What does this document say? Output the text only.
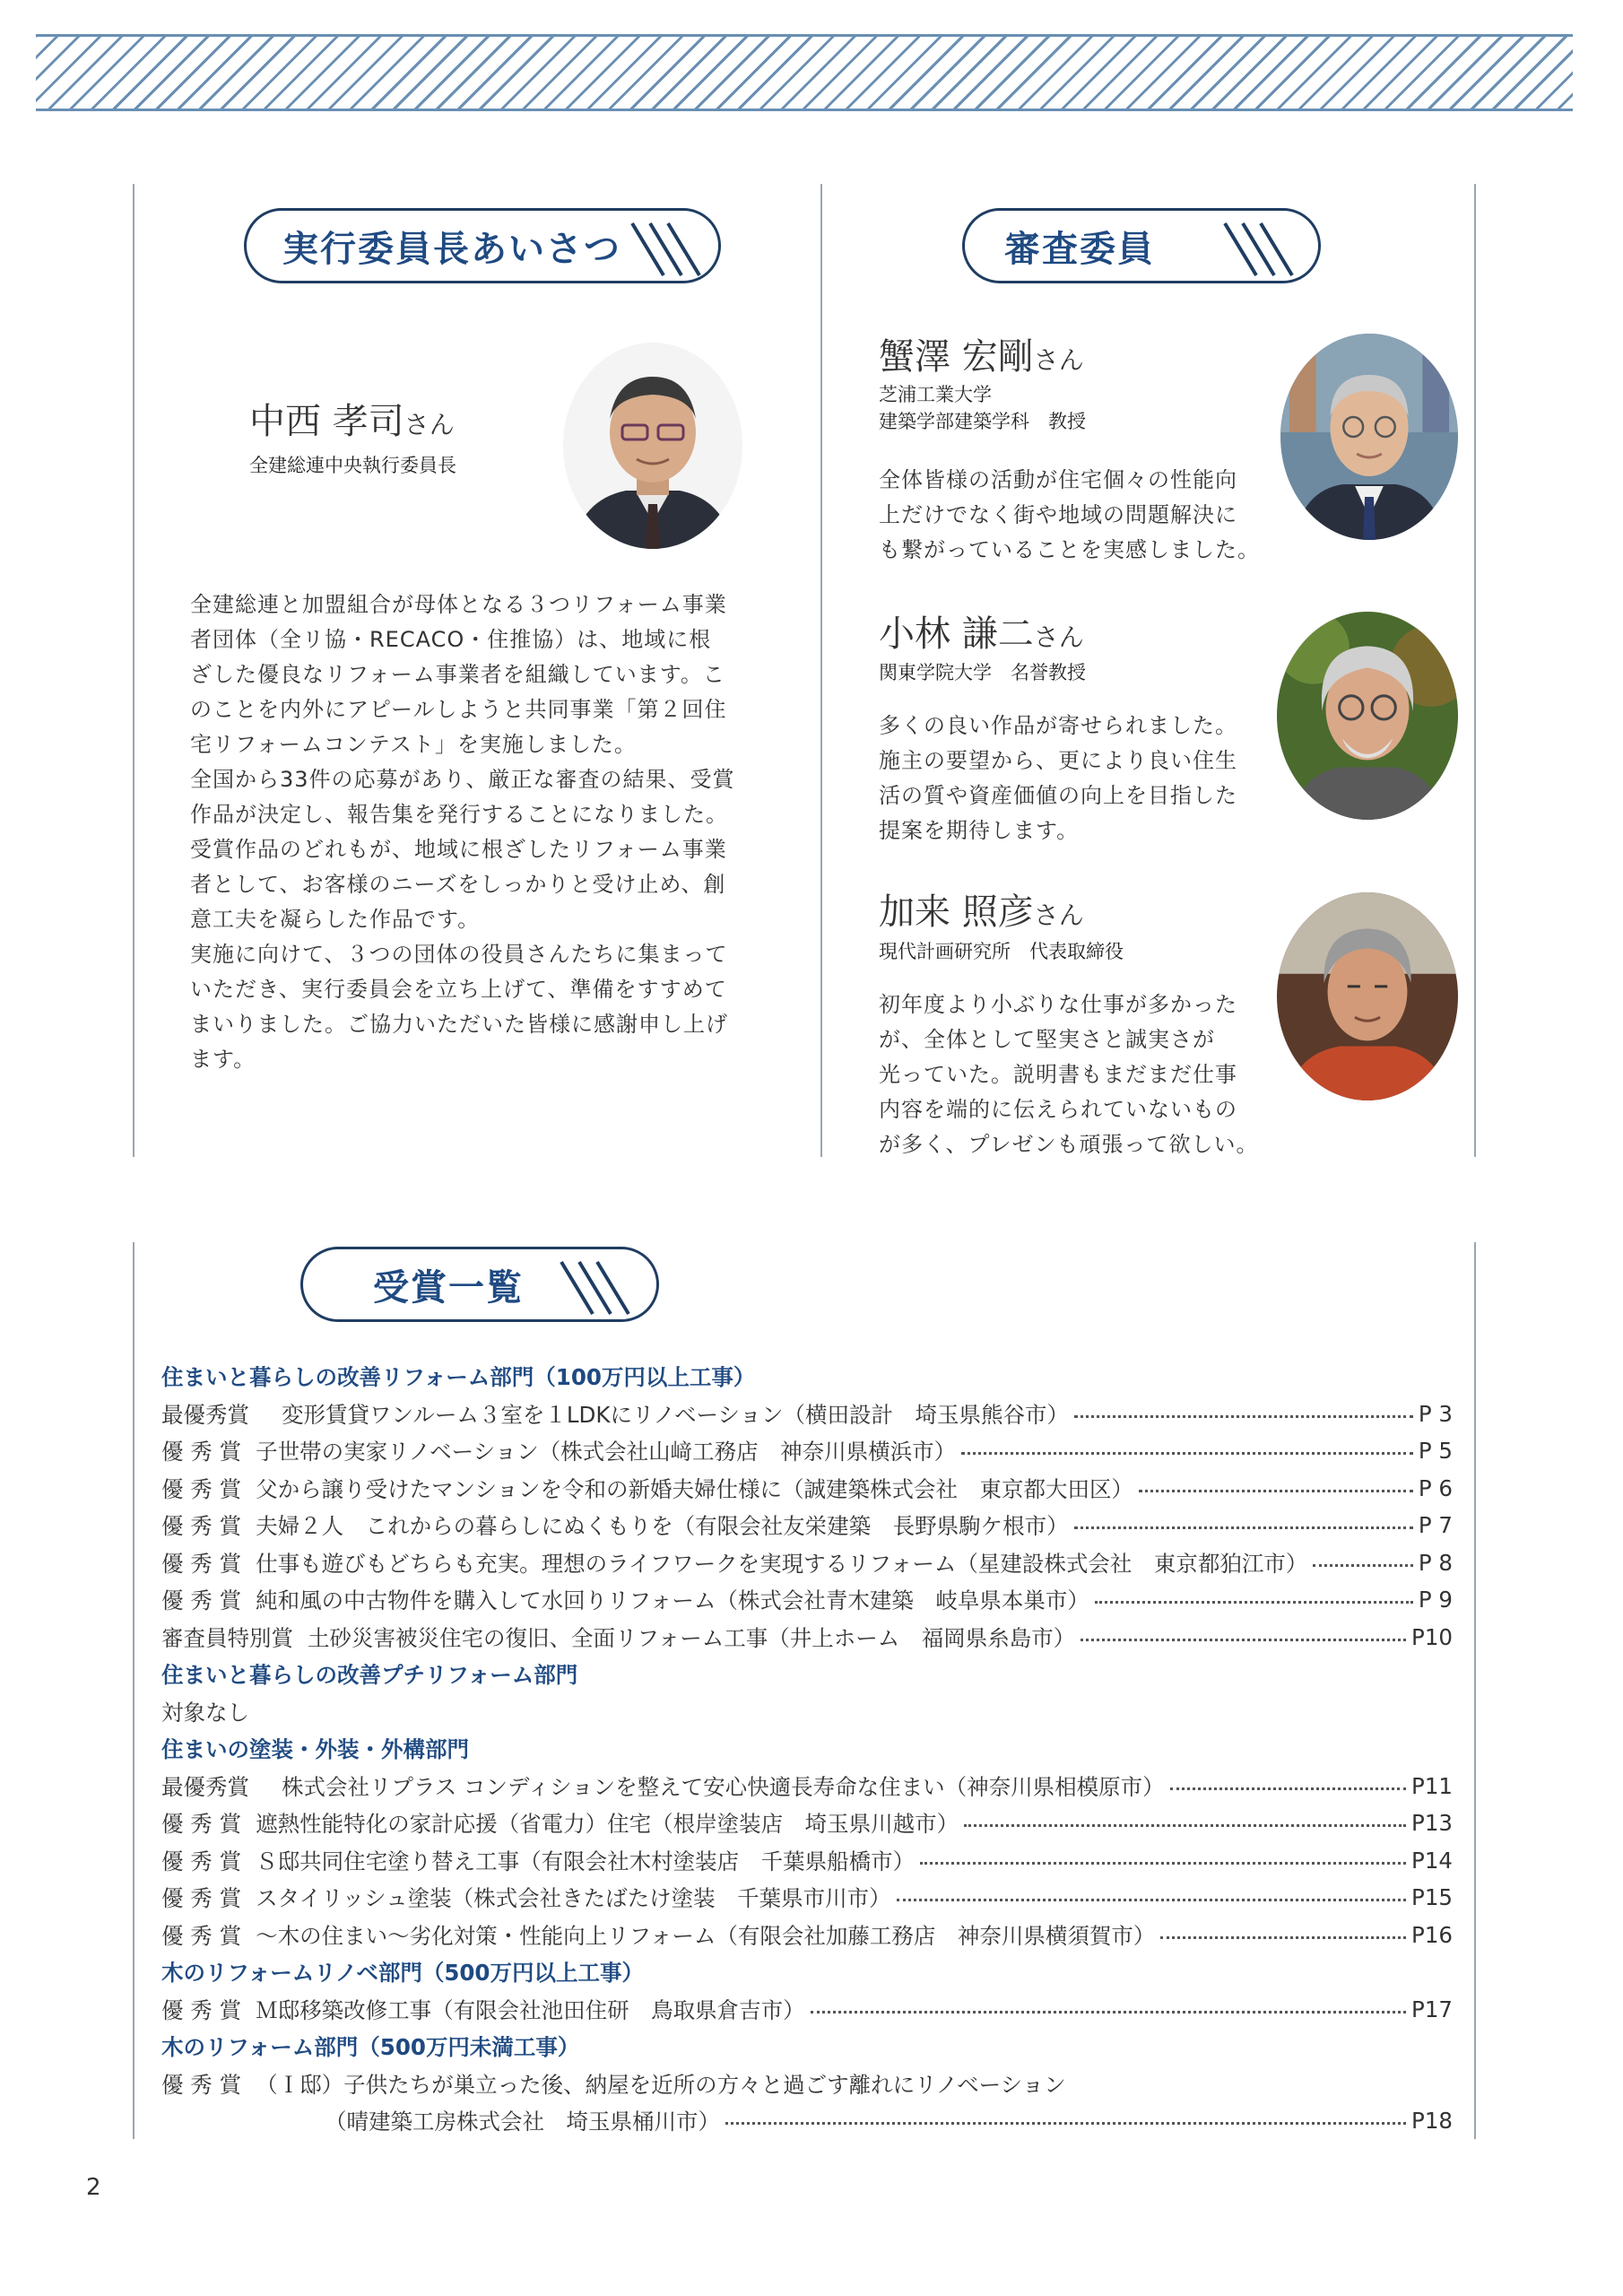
実行委員長あいさつ	審査委員
中西 孝司さん
全建総連中央執行委員長
全建総連と加盟組合が母体となる３つリフォーム事業
者団体（全リ協・RECACO・住推協）は、地域に根
ざした優良なリフォーム事業者を組織しています。こ
のことを内外にアピールしようと共同事業「第２回住
宅リフォームコンテスト」を実施しました。
全国から33件の応募があり、厳正な審査の結果、受賞
作品が決定し、報告集を発行することになりました。
受賞作品のどれもが、地域に根ざしたリフォーム事業
者として、お客様のニーズをしっかりと受け止め、創
意工夫を凝らした作品です。
実施に向けて、３つの団体の役員さんたちに集まって
いただき、実行委員会を立ち上げて、準備をすすめて
まいりました。ご協力いただいた皆様に感謝申し上げ
ます。
蟹澤 宏剛さん
芝浦工業大学
建築学部建築学科　教授
全体皆様の活動が住宅個々の性能向
上だけでなく街や地域の問題解決に
も繋がっていることを実感しました。
小林 謙二さん
関東学院大学　名誉教授
多くの良い作品が寄せられました。
施主の要望から、更により良い住生
活の質や資産価値の向上を目指した
提案を期待します。
加来 照彦さん
現代計画研究所　代表取締役
初年度より小ぶりな仕事が多かった
が、全体として堅実さと誠実さが
光っていた。説明書もまだまだ仕事
内容を端的に伝えられていないもの
が多く、プレゼンも頑張って欲しい。
受賞一覧
住まいと暮らしの改善リフォーム部門（100万円以上工事）
最優秀賞	変形賃貸ワンルーム３室を１LDKにリノベーション（横田設計　埼玉県熊谷市）	P 3
優 秀 賞 子世帯の実家リノベーション（株式会社山﨑工務店　神奈川県横浜市）	P 5
優 秀 賞 父から譲り受けたマンションを令和の新婚夫婦仕様に（誠建築株式会社　東京都大田区）	P 6
優 秀 賞 夫婦２人　これからの暮らしにぬくもりを（有限会社友栄建築　長野県駒ケ根市）	P 7
優 秀 賞 仕事も遊びもどちらも充実。理想のライフワークを実現するリフォーム（星建設株式会社　東京都狛江市）	P 8
優 秀 賞 純和風の中古物件を購入して水回りリフォーム（株式会社青木建築　岐阜県本巣市）	P 9
審査員特別賞 土砂災害被災住宅の復旧、全面リフォーム工事（井上ホーム　福岡県糸島市）	P10
住まいと暮らしの改善プチリフォーム部門
対象なし
住まいの塗装・外装・外構部門
最優秀賞	株式会社リプラス コンディションを整えて安心快適長寿命な住まい（神奈川県相模原市）	P11
優 秀 賞 遮熱性能特化の家計応援（省電力）住宅（根岸塗装店　埼玉県川越市）	P13
優 秀 賞 Ｓ邸共同住宅塗り替え工事（有限会社木村塗装店　千葉県船橋市）	P14
優 秀 賞 スタイリッシュ塗装（株式会社きたばたけ塗装　千葉県市川市）	P15
優 秀 賞 ～木の住まい～劣化対策・性能向上リフォーム（有限会社加藤工務店　神奈川県横須賀市）	P16
木のリフォームリノベ部門（500万円以上工事）
優 秀 賞 Ｍ邸移築改修工事（有限会社池田住研　鳥取県倉吉市）	P17
木のリフォーム部門（500万円未満工事）
優 秀 賞 （Ｉ邸）子供たちが巣立った後、納屋を近所の方々と過ごす離れにリノベーション
（晴建築工房株式会社　埼玉県桶川市）	P18
2
